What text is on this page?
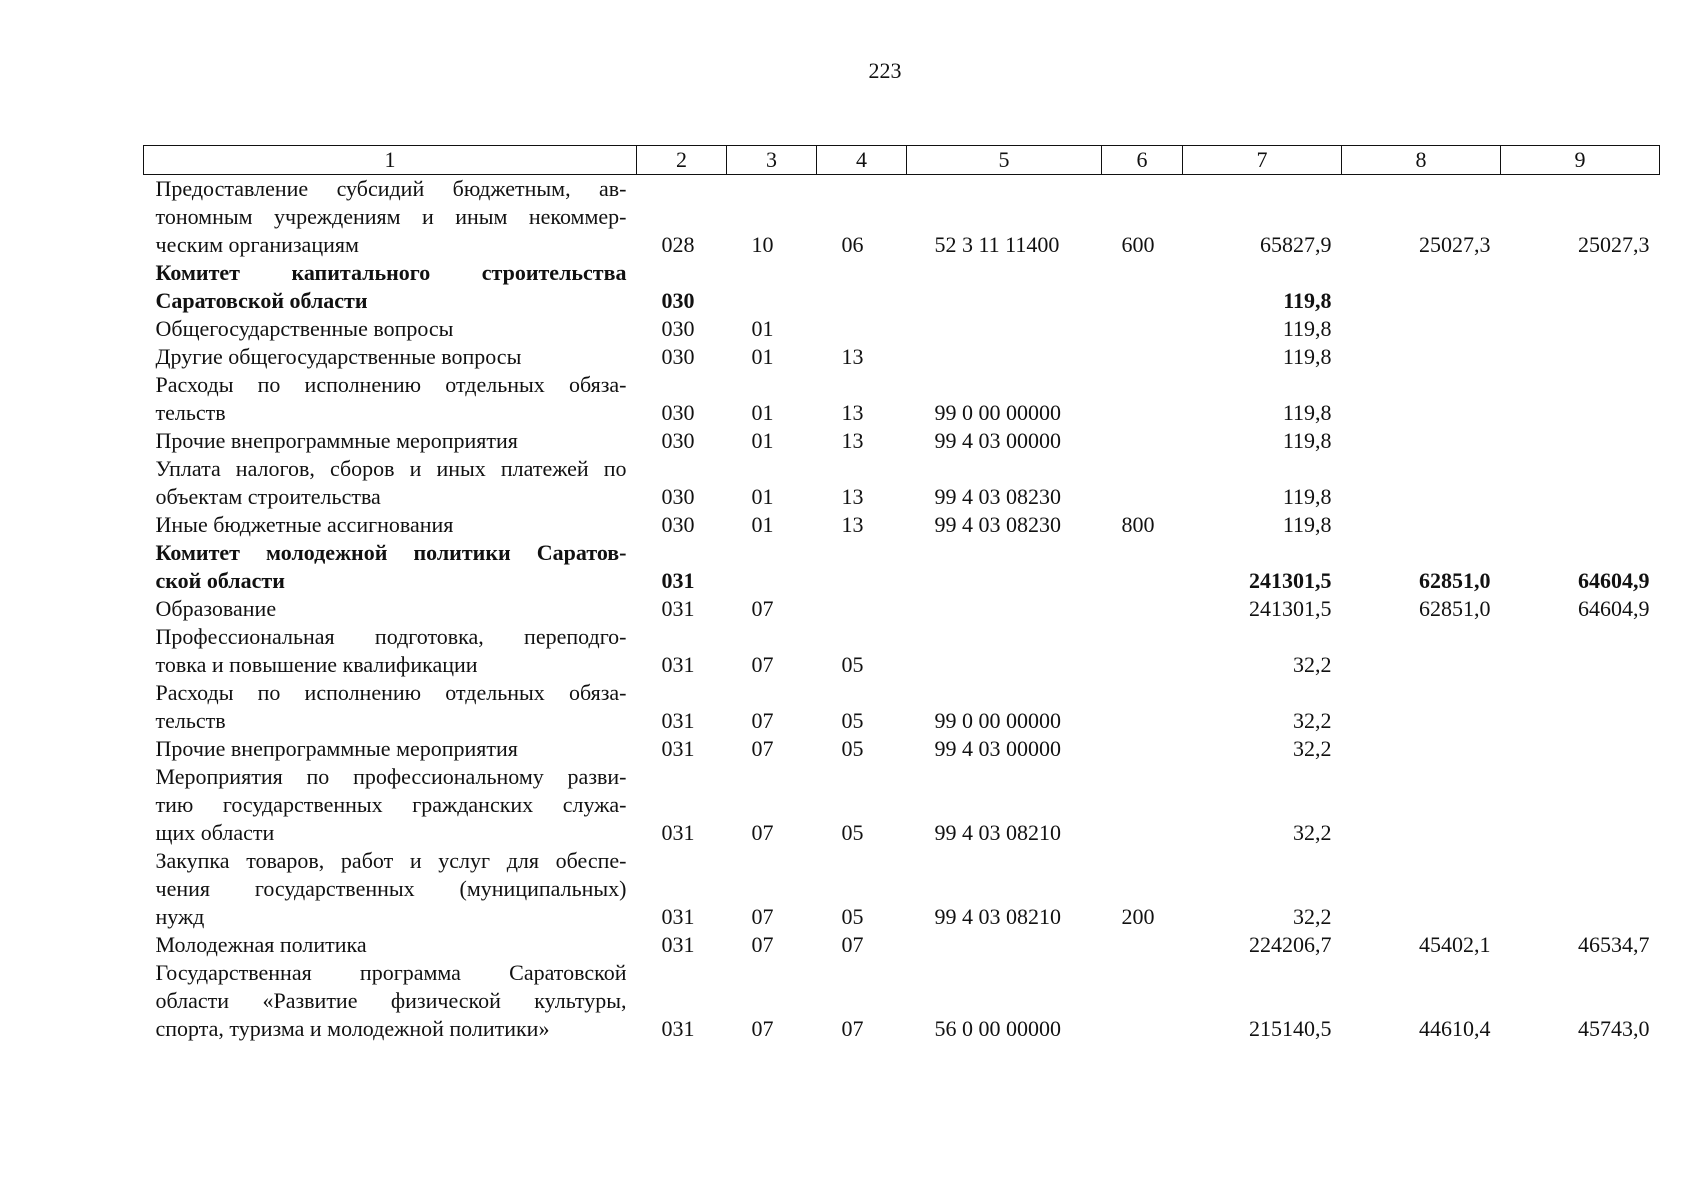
223
1	2	3	4	5	6	7	8	9

Предоставление субсидий бюджетным, ав-
тономным учреждениям и иным некоммер-
ческим организациям	028	10	06	52 3 11 11400	600	65827,9	25027,3	25027,3

Комитет капитального строительства
Саратовской области	030					119,8		

Общегосударственные вопросы	030	01				119,8		

Другие общегосударственные вопросы	030	01	13			119,8		

Расходы по исполнению отдельных обяза-
тельств	030	01	13	99 0 00 00000		119,8		

Прочие внепрограммные мероприятия	030	01	13	99 4 03 00000		119,8		

Уплата налогов, сборов и иных платежей по
объектам строительства	030	01	13	99 4 03 08230		119,8		

Иные бюджетные ассигнования	030	01	13	99 4 03 08230	800	119,8		

Комитет молодежной политики Саратов-
ской области	031					241301,5	62851,0	64604,9

Образование	031	07				241301,5	62851,0	64604,9

Профессиональная подготовка, переподго-
товка и повышение квалификации	031	07	05			32,2		

Расходы по исполнению отдельных обяза-
тельств	031	07	05	99 0 00 00000		32,2		

Прочие внепрограммные мероприятия	031	07	05	99 4 03 00000		32,2		

Мероприятия по профессиональному разви-
тию государственных гражданских служа-
щих области	031	07	05	99 4 03 08210		32,2		

Закупка товаров, работ и услуг для обеспе-
чения государственных (муниципальных)
нужд	031	07	05	99 4 03 08210	200	32,2		

Молодежная политика	031	07	07			224206,7	45402,1	46534,7

Государственная программа Саратовской
области «Развитие физической культуры,
спорта, туризма и молодежной политики»	031	07	07	56 0 00 00000		215140,5	44610,4	45743,0
